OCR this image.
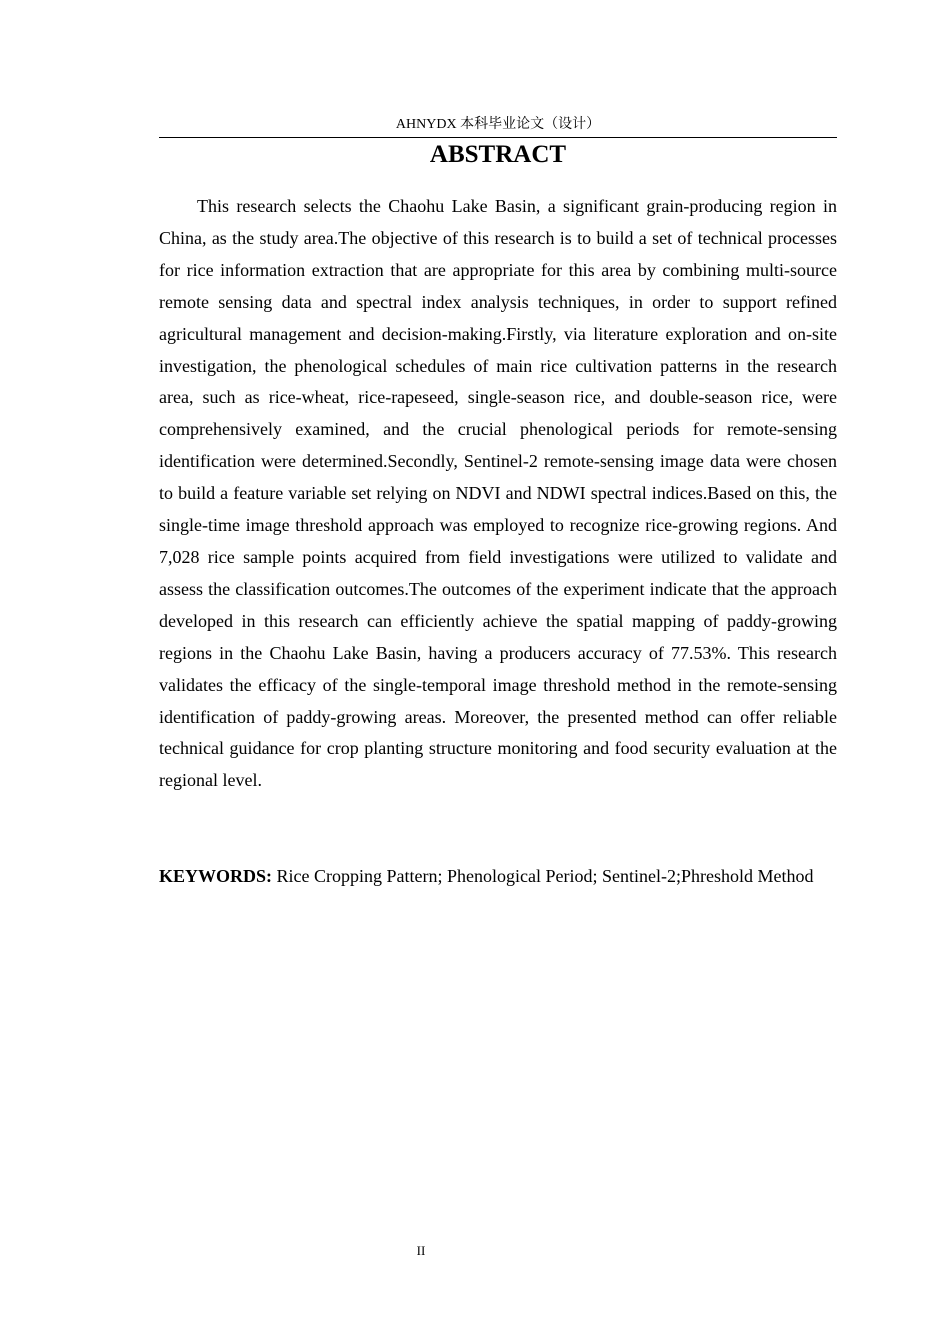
AHNYDX 本科毕业论文（设计）
ABSTRACT

This research selects the Chaohu Lake Basin, a significant grain-producing region in China, as the study area.The objective of this research is to build a set of technical processes for rice information extraction that are appropriate for this area by combining multi-source remote sensing data and spectral index analysis techniques, in order to support refined agricultural management and decision-making.Firstly, via literature exploration and on-site investigation, the phenological schedules of main rice cultivation patterns in the research area, such as rice-wheat, rice-rapeseed, single-season rice, and double-season rice, were comprehensively examined, and the crucial phenological periods for remote-sensing identification were determined.Secondly, Sentinel-2 remote-sensing image data were chosen to build a feature variable set relying on NDVI and NDWI spectral indices.Based on this, the single-time image threshold approach was employed to recognize rice-growing regions. And 7,028 rice sample points acquired from field investigations were utilized to validate and assess the classification outcomes.The outcomes of the experiment indicate that the approach developed in this research can efficiently achieve the spatial mapping of paddy-growing regions in the Chaohu Lake Basin, having a producers accuracy of 77.53%. This research validates the efficacy of the single-temporal image threshold method in the remote-sensing identification of paddy-growing areas. Moreover, the presented method can offer reliable technical guidance for crop planting structure monitoring and food security evaluation at the regional level.

KEYWORDS: Rice Cropping Pattern; Phenological Period; Sentinel-2;Phreshold Method

II
